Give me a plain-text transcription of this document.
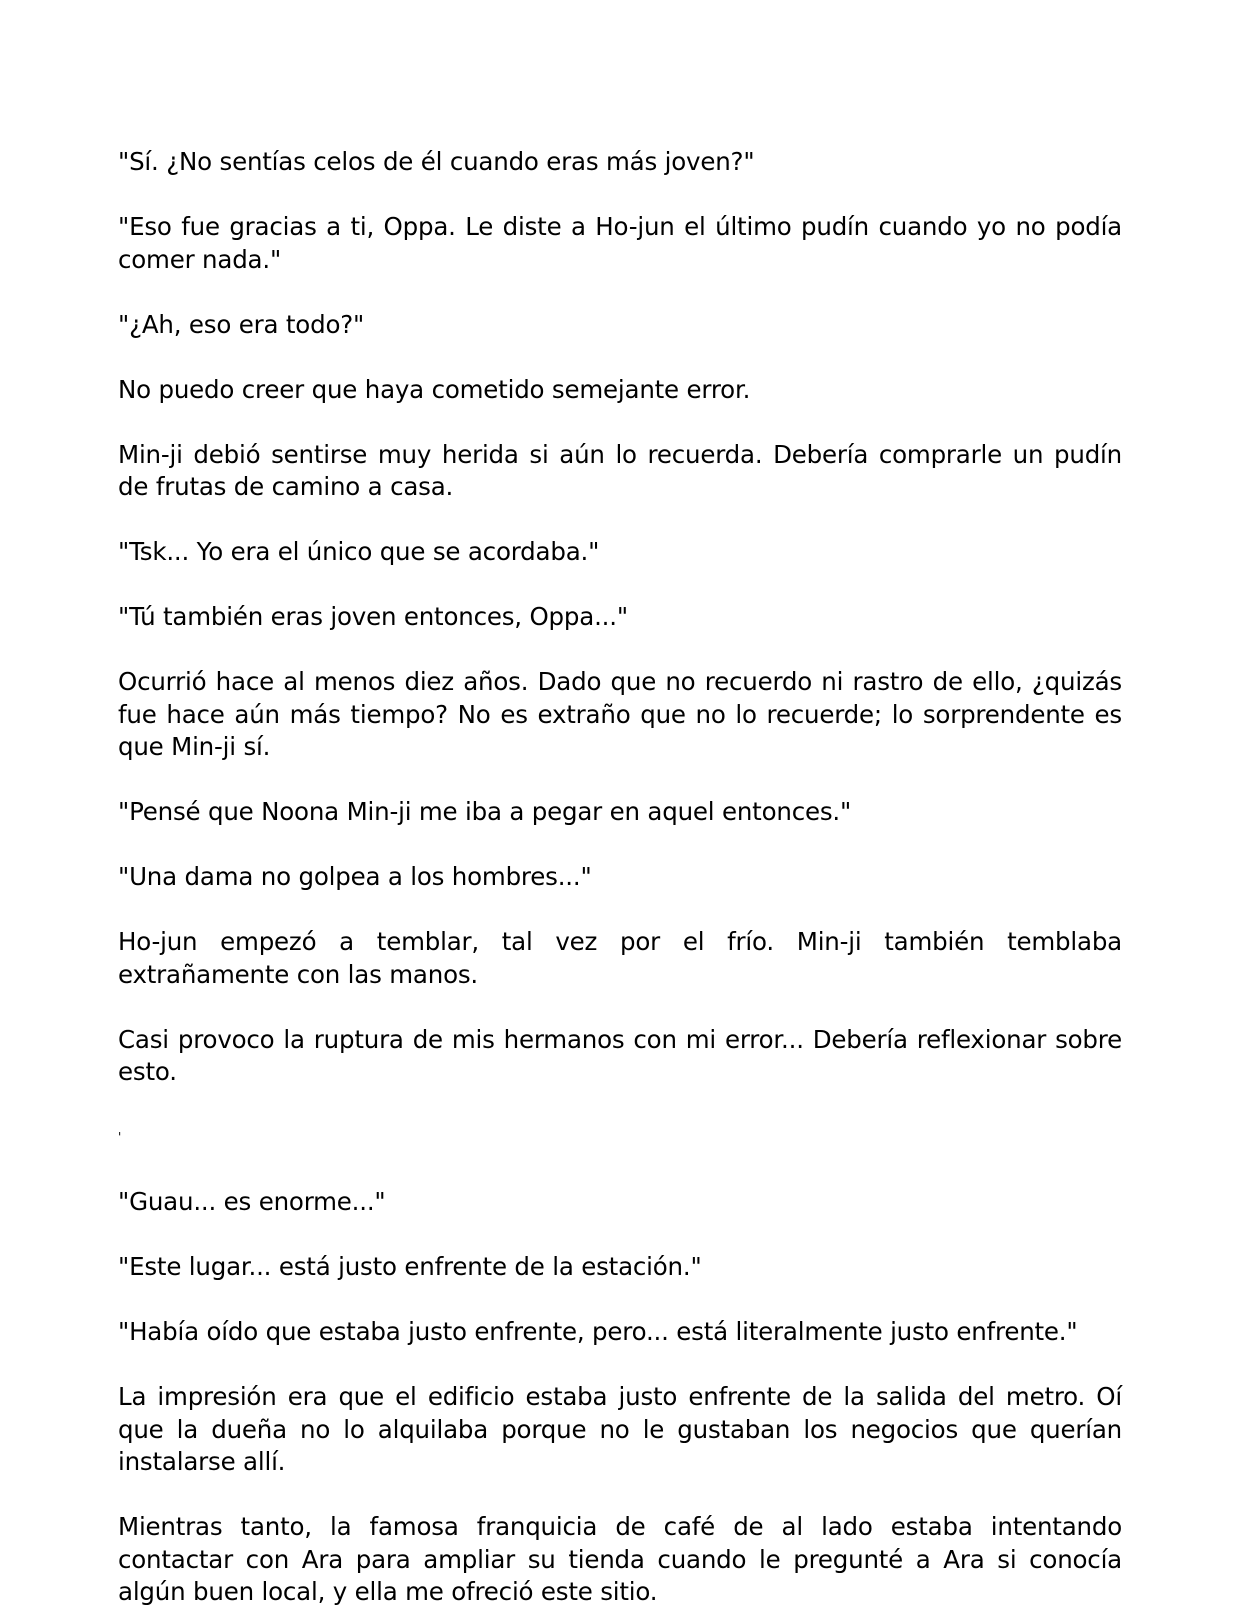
"Sí. ¿No sentías celos de él cuando eras más joven?"

"Eso fue gracias a ti, Oppa. Le diste a Ho-jun el último pudín cuando yo no podía comer nada."

"¿Ah, eso era todo?"

No puedo creer que haya cometido semejante error.

Min-ji debió sentirse muy herida si aún lo recuerda. Debería comprarle un pudín de frutas de camino a casa.

"Tsk... Yo era el único que se acordaba."

"Tú también eras joven entonces, Oppa..."

Ocurrió hace al menos diez años. Dado que no recuerdo ni rastro de ello, ¿quizás fue hace aún más tiempo? No es extraño que no lo recuerde; lo sorprendente es que Min-ji sí.

"Pensé que Noona Min-ji me iba a pegar en aquel entonces."

"Una dama no golpea a los hombres..."

Ho-jun empezó a temblar, tal vez por el frío. Min-ji también temblaba extrañamente con las manos.

Casi provoco la ruptura de mis hermanos con mi error... Debería reflexionar sobre esto.

'

"Guau... es enorme..."

"Este lugar... está justo enfrente de la estación."

"Había oído que estaba justo enfrente, pero... está literalmente justo enfrente."

La impresión era que el edificio estaba justo enfrente de la salida del metro. Oí que la dueña no lo alquilaba porque no le gustaban los negocios que querían instalarse allí.

Mientras tanto, la famosa franquicia de café de al lado estaba intentando contactar con Ara para ampliar su tienda cuando le pregunté a Ara si conocía algún buen local, y ella me ofreció este sitio.
